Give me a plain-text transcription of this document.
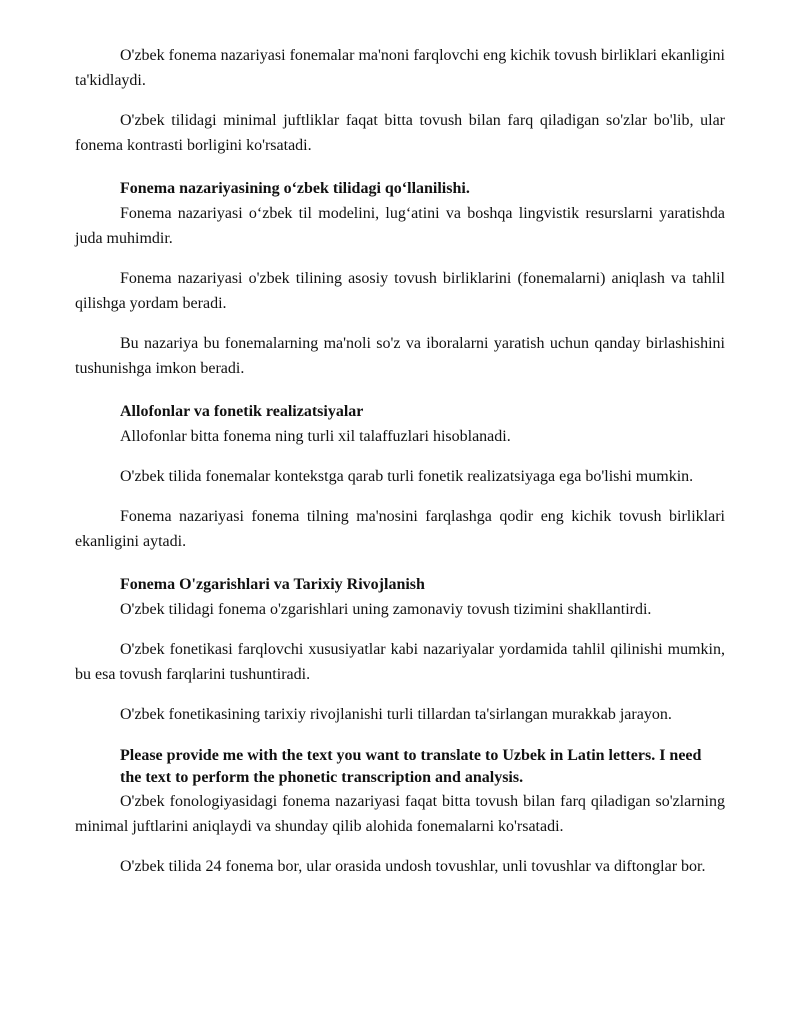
O'zbek fonema nazariyasi fonemalar ma'noni farqlovchi eng kichik tovush birliklari ekanligini ta'kidlaydi.

O'zbek tilidagi minimal juftliklar faqat bitta tovush bilan farq qiladigan so'zlar bo'lib, ular fonema kontrasti borligini ko'rsatadi.

Fonema nazariyasining o‘zbek tilidagi qo‘llanilishi.

Fonema nazariyasi o‘zbek til modelini, lug‘atini va boshqa lingvistik resurslarni yaratishda juda muhimdir.

Fonema nazariyasi o'zbek tilining asosiy tovush birliklarini (fonemalarni) aniqlash va tahlil qilishga yordam beradi.

Bu nazariya bu fonemalarning ma'noli so'z va iboralarni yaratish uchun qanday birlashishini tushunishga imkon beradi.

Allofonlar va fonetik realizatsiyalar

Allofonlar bitta fonema ning turli xil talaffuzlari hisoblanadi.

O'zbek tilida fonemalar kontekstga qarab turli fonetik realizatsiyaga ega bo'lishi mumkin.

Fonema nazariyasi fonema tilning ma'nosini farqlashga qodir eng kichik tovush birliklari ekanligini aytadi.

Fonema O'zgarishlari va Tarixiy Rivojlanish

O'zbek tilidagi fonema o'zgarishlari uning zamonaviy tovush tizimini shakllantirdi.

O'zbek fonetikasi farqlovchi xususiyatlar kabi nazariyalar yordamida tahlil qilinishi mumkin, bu esa tovush farqlarini tushuntiradi.

O'zbek fonetikasining tarixiy rivojlanishi turli tillardan ta'sirlangan murakkab jarayon.

Please provide me with the text you want to translate to Uzbek in Latin letters. I need the text to perform the phonetic transcription and analysis.

O'zbek fonologiyasidagi fonema nazariyasi faqat bitta tovush bilan farq qiladigan so'zlarning minimal juftlarini aniqlaydi va shunday qilib alohida fonemalarni ko'rsatadi.

O'zbek tilida 24 fonema bor, ular orasida undosh tovushlar, unli tovushlar va diftonglar bor.
